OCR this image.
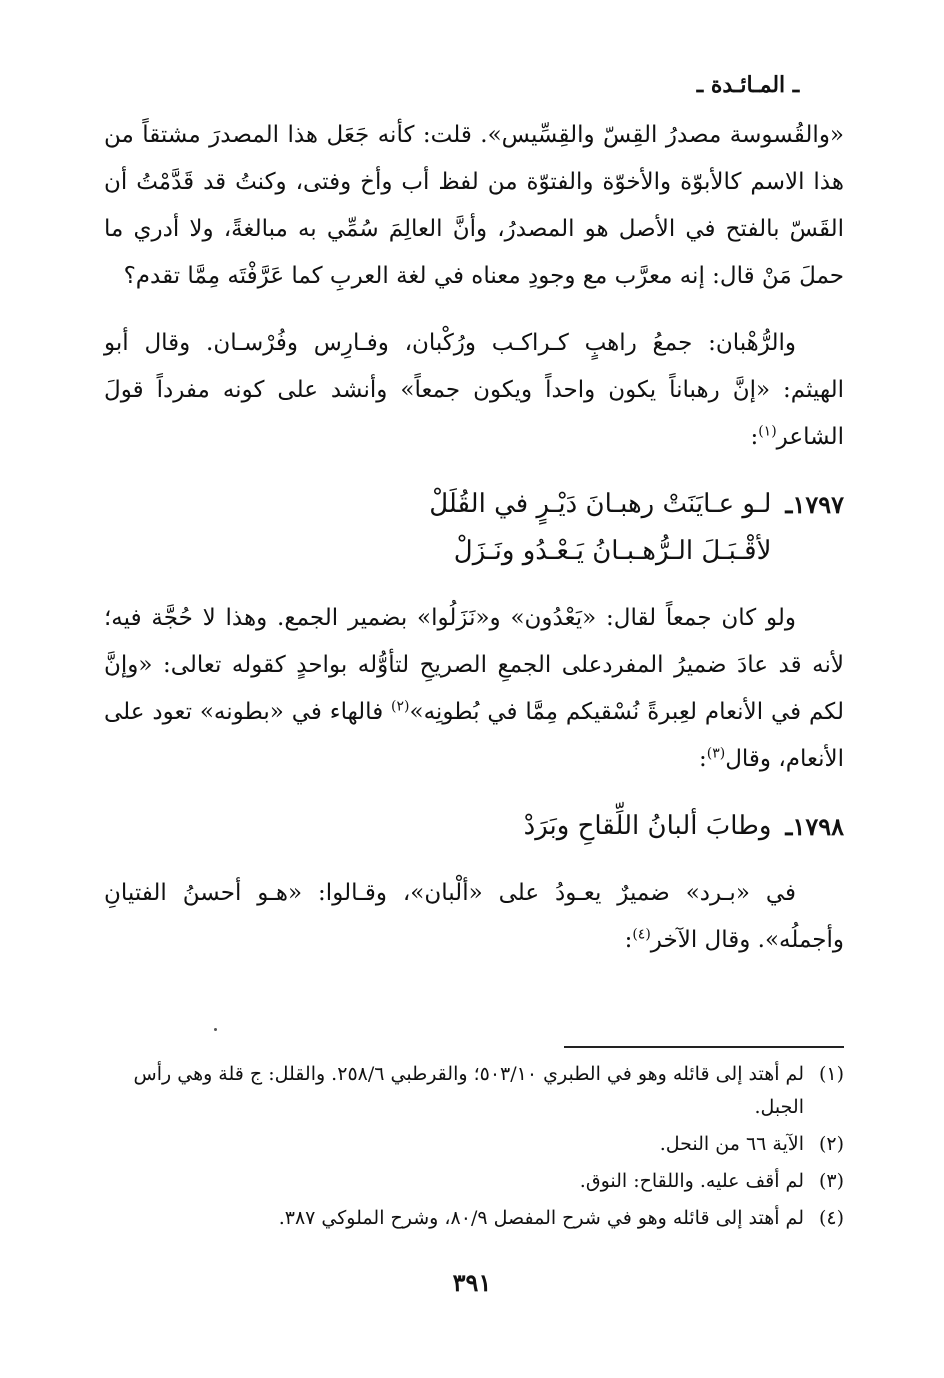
ـ المـائـدة ـ

«والقُسوسة مصدرُ القِسّ والقِسِّيس». قلت: كأنه جَعَل هذا المصدرَ مشتقاً من هذا الاسم كالأبوّة والأخوّة والفتوّة من لفظ أب وأخ وفتى، وكنتُ قد قَدَّمْتُ أن القَسّ بالفتح في الأصل هو المصدرُ، وأنَّ العالِمَ سُمِّي به مبالغةً، ولا أدري ما حملَ مَنْ قال: إنه معرَّب مع وجودِ معناه في لغة العربِ كما عَرَّفْتَه مِمَّا تقدم؟

والرُّهْبان: جمعُ راهبٍ كـراكـب ورُكْبان، وفـارِس وفُرْسـان. وقال أبو الهيثم: «إنَّ رهباناً يكون واحداً ويكون جمعاً» وأنشد على كونه مفرداً قولَ الشاعر$^{(١)}$:

١٧٩٧ـ
لـو عـايَنَتْ رهبـانَ دَيْـرٍ في القُلَلْ
لأقْـبَـلَ الـرُّهـبـانُ يَـعْـدُو ونَـزَلْ

ولو كان جمعاً لقال: «يَعْدُون» و«نَزَلُوا» بضمير الجمع. وهذا لا حُجَّة فيه؛ لأنه قد عادَ ضميرُ المفردعلى الجمعِ الصريحِ لتأوُّله بواحدٍ كقوله تعالى: «وإنَّ لكم في الأنعام لعِبرةً نُسْقيكم مِمَّا في بُطونِه»$^{(٢)}$ فالهاء في «بطونه» تعود على الأنعام، وقال$^{(٣)}$:

١٧٩٨ـ
وطابَ ألبانُ اللِّقاحِ وبَرَدْ

في «بـرد» ضميرٌ يعـودُ على «ألْبان»، وقـالوا: «هـو أحسنُ الفتيانِ وأجملُه». وقال الآخر$^{(٤)}$:

(١)
لم أهتد إلى قائله وهو في الطبري ٥٠٣/١٠؛ والقرطبي ٢٥٨/٦. والقلل: ج قلة وهي رأس الجبل.
(٢)
الآية ٦٦ من النحل.
(٣)
لم أقف عليه. واللقاح: النوق.
(٤)
لم أهتد إلى قائله وهو في شرح المفصل ٨٠/٩، وشرح الملوكي ٣٨٧.
٣٩١
